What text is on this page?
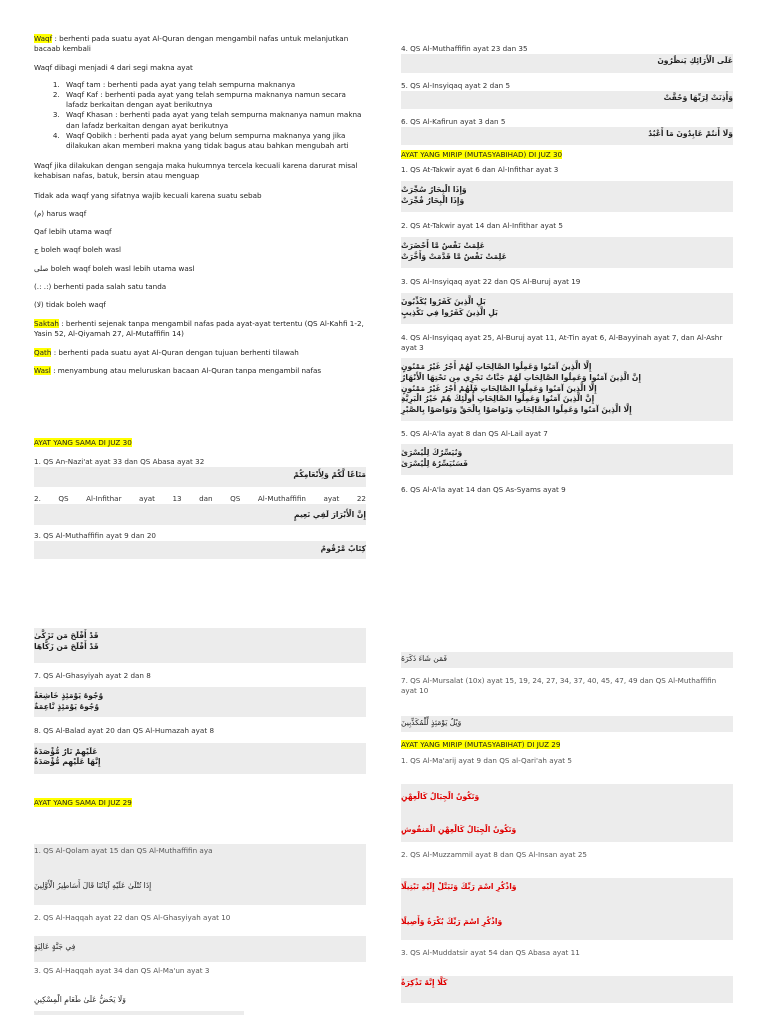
Waqf : berhenti pada suatu ayat Al-Quran dengan mengambil nafas untuk melanjutkan bacaab kembali

Waqf dibagi menjadi 4 dari segi makna ayat

1. Waqf tam : berhenti pada ayat yang telah sempurna maknanya
2. Waqf Kaf : berhenti pada ayat yang telah sempurna maknanya namun secara lafadz berkaitan dengan ayat berikutnya
3. Waqf Khasan : berhenti pada ayat yang telah sempurna maknanya namun makna dan lafadz berkaitan dengan ayat berikutnya
4. Waqf Qobikh : berhenti pada ayat yang belum sempurna maknanya yang jika dilakukan akan memberi makna yang tidak bagus atau bahkan mengubah arti

Waqf jika dilakukan dengan sengaja maka hukumnya tercela kecuali karena darurat misal kehabisan nafas, batuk, bersin atau menguap

Tidak ada waqf yang sifatnya wajib kecuali karena suatu sebab

(م) harus waqf

Qaf lebih utama waqf

ج boleh waqf boleh wasl

صلى boleh waqf boleh wasl lebih utama wasl

(.: .:) berhenti pada salah satu tanda

(لا) tidak boleh waqf

Saktah : berhenti sejenak tanpa mengambil nafas pada ayat-ayat tertentu (QS Al-Kahfi 1-2, Yasin 52, Al-Qiyamah 27, Al-Mutaffifin 14)

Qath : berhenti pada suatu ayat Al-Quran dengan tujuan berhenti tilawah

Wasl : menyambung atau meluruskan bacaan Al-Quran tanpa mengambil nafas

AYAT YANG SAMA DI JUZ 30

1. QS An-Nazi'at ayat 33 dan QS Abasa ayat 32

مَتَاعًا لَّكُمْ وَلِأَنْعَامِكُمْ
2. QS Al-Infithar ayat 13 dan QS Al-Muthaffifin ayat 22
إِنَّ الْأَبْرَارَ لَفِي نَعِيمٍ

3. QS Al-Muthaffifin ayat 9 dan 20

كِتَابٌ مَّرْقُومٌ

4. QS Al-Muthaffifin ayat 23 dan 35

عَلَى الْأَرَائِكِ يَنظُرُونَ

5. QS Al-Insyiqaq ayat 2 dan 5

وَأَذِنَتْ لِرَبِّهَا وَحُقَّتْ

6. QS Al-Kafirun ayat 3 dan 5

وَلَا أَنتُمْ عَابِدُونَ مَا أَعْبُدُ

AYAT YANG MIRIP (MUTASYABIHAD) DI JUZ 30

1. QS At-Takwir ayat 6 dan Al-Infithar ayat 3

وَإِذَا الْبِحَارُ سُجِّرَتْ
وَإِذَا الْبِحَارُ فُجِّرَتْ

2. QS At-Takwir ayat 14 dan Al-Infithar ayat 5

عَلِمَتْ نَفْسٌ مَّا أَحْضَرَتْ
عَلِمَتْ نَفْسٌ مَّا قَدَّمَتْ وَأَخَّرَتْ

3. QS Al-Insyiqaq ayat 22 dan QS Al-Buruj ayat 19

بَلِ الَّذِينَ كَفَرُوا يُكَذِّبُونَ
بَلِ الَّذِينَ كَفَرُوا فِي تَكْذِيبٍ

4. QS Al-Insyiqaq ayat 25, Al-Buruj ayat 11, At-Tin ayat 6, Al-Bayyinah ayat 7, dan Al-Ashr ayat 3

إِلَّا الَّذِينَ آمَنُوا وَعَمِلُوا الصَّالِحَاتِ لَهُمْ أَجْرٌ غَيْرُ مَمْنُونٍ
إِنَّ الَّذِينَ آمَنُوا وَعَمِلُوا الصَّالِحَاتِ لَهُمْ جَنَّاتٌ تَجْرِي مِن تَحْتِهَا الْأَنْهَارُ
إِلَّا الَّذِينَ آمَنُوا وَعَمِلُوا الصَّالِحَاتِ فَلَهُمْ أَجْرٌ غَيْرُ مَمْنُونٍ
إِنَّ الَّذِينَ آمَنُوا وَعَمِلُوا الصَّالِحَاتِ أُولَٰئِكَ هُمْ خَيْرُ الْبَرِيَّةِ
إِلَّا الَّذِينَ آمَنُوا وَعَمِلُوا الصَّالِحَاتِ وَتَوَاصَوْا بِالْحَقِّ وَتَوَاصَوْا بِالصَّبْرِ

5. QS Al-A'la ayat 8 dan QS Al-Lail ayat 7

وَنُيَسِّرُكَ لِلْيُسْرَىٰ
فَسَنُيَسِّرُهُ لِلْيُسْرَىٰ

6. QS Al-A'la ayat 14 dan QS As-Syams ayat 9

قَدْ أَفْلَحَ مَن تَزَكَّىٰ
قَدْ أَفْلَحَ مَن زَكَّاهَا

7. QS Al-Ghasyiyah ayat 2 dan 8

وُجُوهٌ يَوْمَئِذٍ خَاشِعَةٌ
وُجُوهٌ يَوْمَئِذٍ نَّاعِمَةٌ

8. QS Al-Balad ayat 20 dan QS Al-Humazah ayat 8

عَلَيْهِمْ نَارٌ مُّؤْصَدَةٌ
إِنَّهَا عَلَيْهِم مُّؤْصَدَةٌ

AYAT YANG SAMA DI JUZ 29

1. QS Al-Qolam ayat 15 dan QS Al-Muthaffifin aya

إِذَا تُتْلَىٰ عَلَيْهِ آيَاتُنَا قَالَ أَسَاطِيرُ الْأَوَّلِينَ

2. QS Al-Haqqah ayat 22 dan QS Al-Ghasyiyah ayat 10

فِي جَنَّةٍ عَالِيَةٍ

3. QS Al-Haqqah ayat 34 dan QS Al-Ma'un ayat 3

وَلَا يَحُضُّ عَلَىٰ طَعَامِ الْمِسْكِينِ
فَمَن شَاءَ ذَكَرَهُ

7. QS Al-Mursalat (10x) ayat 15, 19, 24, 27, 34, 37, 40, 45, 47, 49 dan QS Al-Muthaffifin ayat 10

وَيْلٌ يَوْمَئِذٍ لِّلْمُكَذِّبِينَ

AYAT YANG MIRIP (MUTASYABIHAT) DI JUZ 29

1. QS Al-Ma'arij ayat 9 dan QS al-Qari'ah ayat 5

وَتَكُونُ الْجِبَالُ كَالْعِهْنِ
وَتَكُونُ الْجِبَالُ كَالْعِهْنِ الْمَنفُوشِ

2. QS Al-Muzzammil ayat 8 dan QS Al-Insan ayat 25

وَاذْكُرِ اسْمَ رَبِّكَ وَتَبَتَّلْ إِلَيْهِ تَبْتِيلًا
وَاذْكُرِ اسْمَ رَبِّكَ بُكْرَةً وَأَصِيلًا

3. QS Al-Muddatsir ayat 54 dan QS Abasa ayat 11

كَلَّا إِنَّهُ تَذْكِرَةٌ
